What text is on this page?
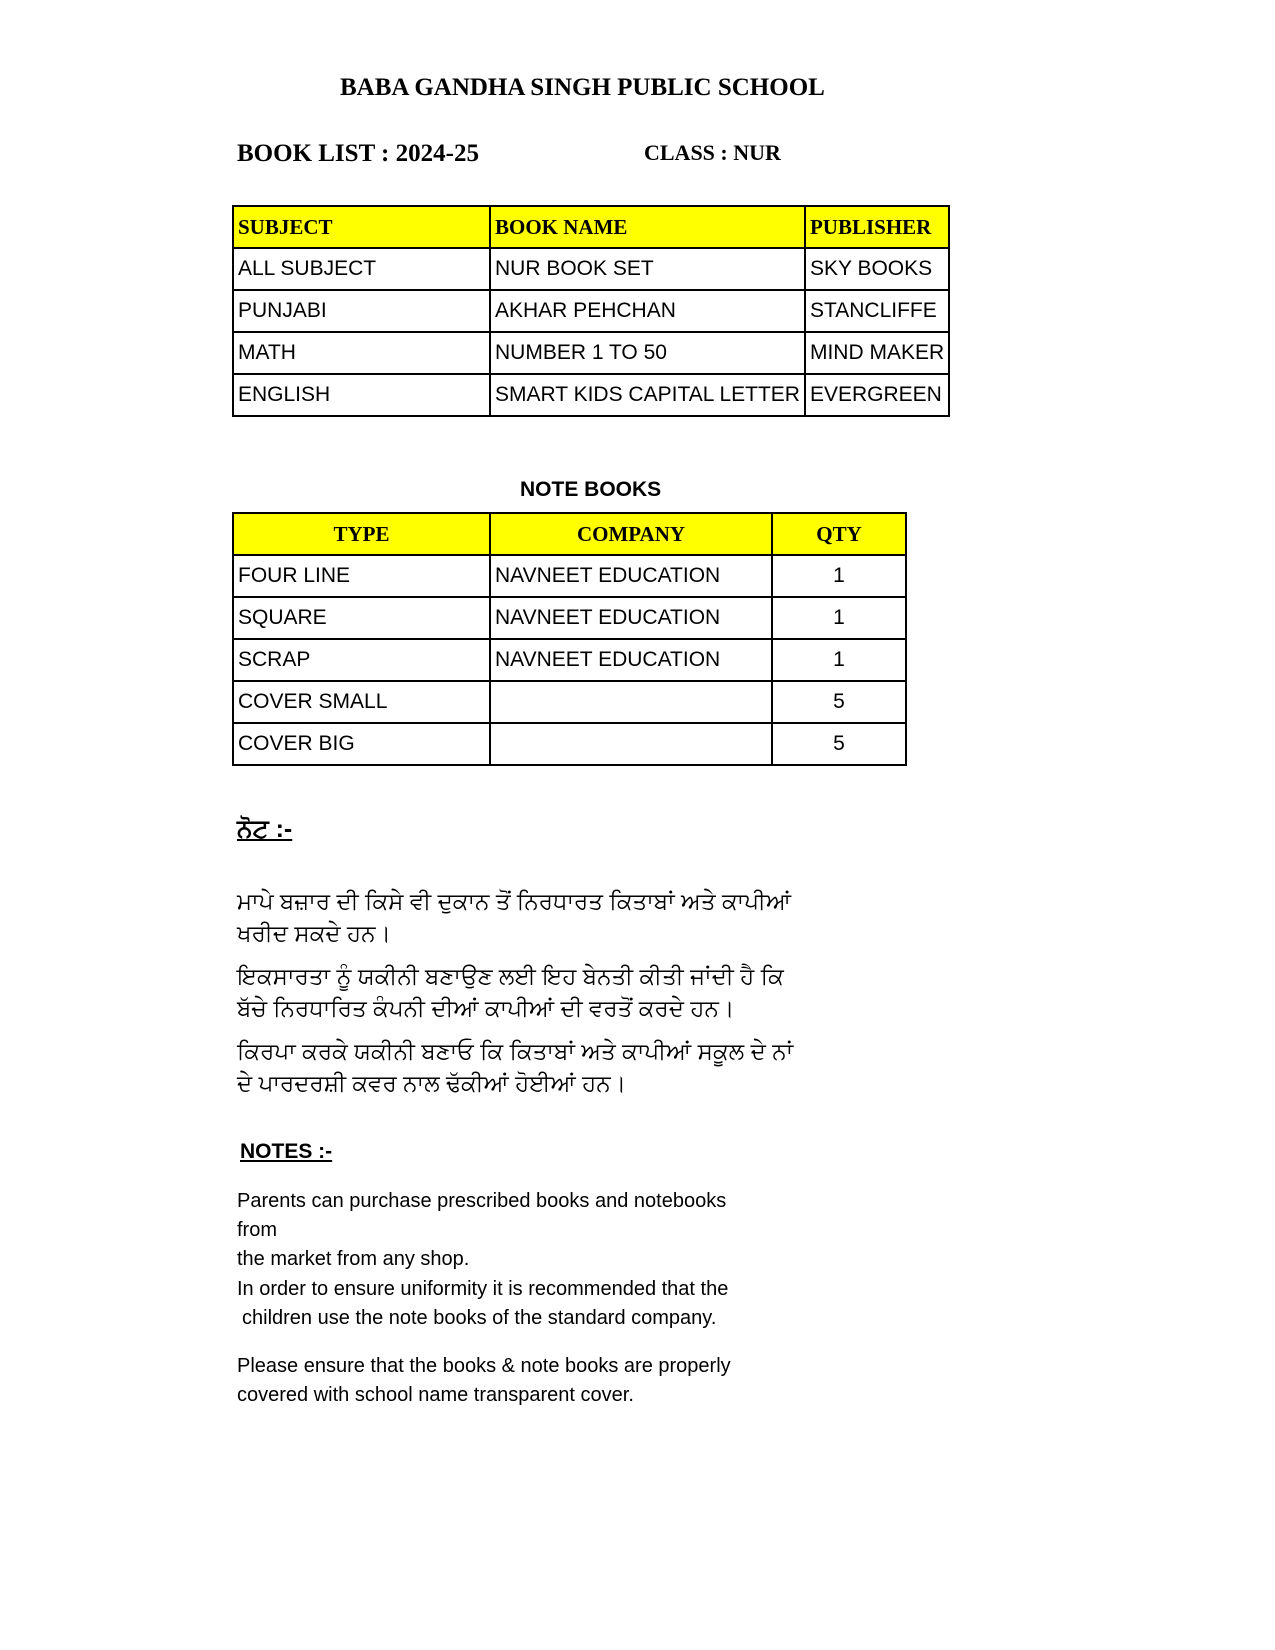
BABA GANDHA SINGH PUBLIC SCHOOL
BOOK LIST : 2024-25	CLASS : NUR
SUBJECT	BOOK NAME	PUBLISHER
ALL SUBJECT	NUR BOOK SET	SKY BOOKS
PUNJABI	AKHAR PEHCHAN	STANCLIFFE
MATH	NUMBER 1 TO 50	MIND MAKER
ENGLISH	SMART KIDS CAPITAL LETTER	EVERGREEN
NOTE BOOKS
TYPE	COMPANY	QTY
FOUR LINE	NAVNEET EDUCATION	1
SQUARE	NAVNEET EDUCATION	1
SCRAP	NAVNEET EDUCATION	1
COVER SMALL		5
COVER BIG		5
ਨੋਟ :-
ਮਾਪੇ ਬਜ਼ਾਰ ਦੀ ਕਿਸੇ ਵੀ ਦੁਕਾਨ ਤੋਂ ਨਿਰਧਾਰਤ ਕਿਤਾਬਾਂ ਅਤੇ ਕਾਪੀਆਂ ਖਰੀਦ ਸਕਦੇ ਹਨ।
ਇਕਸਾਰਤਾ ਨੂੰ ਯਕੀਨੀ ਬਣਾਉਣ ਲਈ ਇਹ ਬੇਨਤੀ ਕੀਤੀ ਜਾਂਦੀ ਹੈ ਕਿ ਬੱਚੇ ਨਿਰਧਾਰਿਤ ਕੰਪਨੀ ਦੀਆਂ ਕਾਪੀਆਂ ਦੀ ਵਰਤੋਂ ਕਰਦੇ ਹਨ।
ਕਿਰਪਾ ਕਰਕੇ ਯਕੀਨੀ ਬਣਾਓ ਕਿ ਕਿਤਾਬਾਂ ਅਤੇ ਕਾਪੀਆਂ ਸਕੂਲ ਦੇ ਨਾਂ ਦੇ ਪਾਰਦਰਸ਼ੀ ਕਵਰ ਨਾਲ ਢੱਕੀਆਂ ਹੋਈਆਂ ਹਨ।
NOTES :-
Parents can purchase prescribed books and notebooks from
the market from any shop.
In order to ensure uniformity it is recommended that the
children use the note books of the standard company.
Please ensure that the books & note books are properly
covered with school name transparent cover.
